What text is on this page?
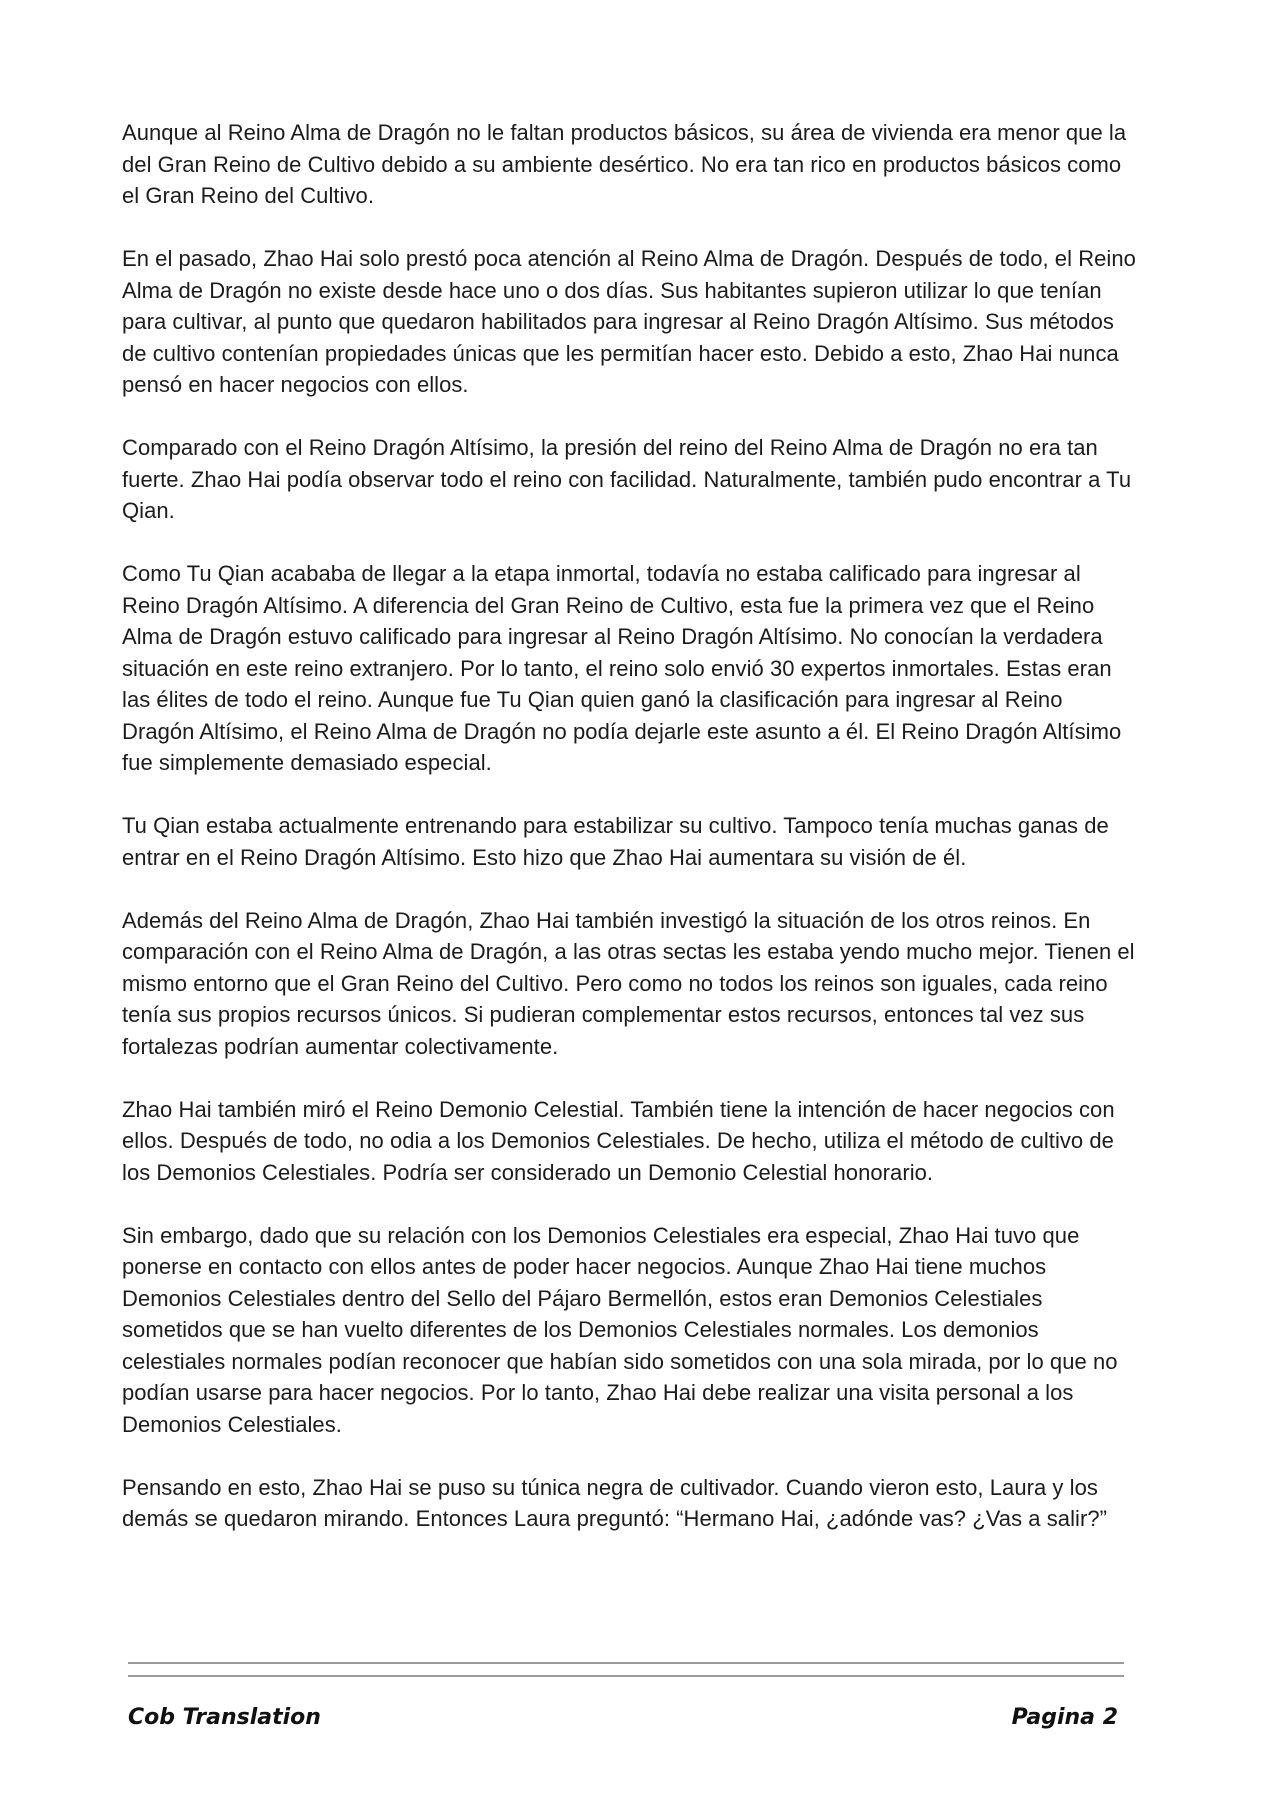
Aunque al Reino Alma de Dragón no le faltan productos básicos, su área de vivienda era menor que la del Gran Reino de Cultivo debido a su ambiente desértico. No era tan rico en productos básicos como el Gran Reino del Cultivo.

En el pasado, Zhao Hai solo prestó poca atención al Reino Alma de Dragón. Después de todo, el Reino Alma de Dragón no existe desde hace uno o dos días. Sus habitantes supieron utilizar lo que tenían para cultivar, al punto que quedaron habilitados para ingresar al Reino Dragón Altísimo. Sus métodos de cultivo contenían propiedades únicas que les permitían hacer esto. Debido a esto, Zhao Hai nunca pensó en hacer negocios con ellos.

Comparado con el Reino Dragón Altísimo, la presión del reino del Reino Alma de Dragón no era tan fuerte. Zhao Hai podía observar todo el reino con facilidad. Naturalmente, también pudo encontrar a Tu Qian.

Como Tu Qian acababa de llegar a la etapa inmortal, todavía no estaba calificado para ingresar al Reino Dragón Altísimo. A diferencia del Gran Reino de Cultivo, esta fue la primera vez que el Reino Alma de Dragón estuvo calificado para ingresar al Reino Dragón Altísimo. No conocían la verdadera situación en este reino extranjero. Por lo tanto, el reino solo envió 30 expertos inmortales. Estas eran las élites de todo el reino. Aunque fue Tu Qian quien ganó la clasificación para ingresar al Reino Dragón Altísimo, el Reino Alma de Dragón no podía dejarle este asunto a él. El Reino Dragón Altísimo fue simplemente demasiado especial.

Tu Qian estaba actualmente entrenando para estabilizar su cultivo. Tampoco tenía muchas ganas de entrar en el Reino Dragón Altísimo. Esto hizo que Zhao Hai aumentara su visión de él.

Además del Reino Alma de Dragón, Zhao Hai también investigó la situación de los otros reinos. En comparación con el Reino Alma de Dragón, a las otras sectas les estaba yendo mucho mejor. Tienen el mismo entorno que el Gran Reino del Cultivo. Pero como no todos los reinos son iguales, cada reino tenía sus propios recursos únicos. Si pudieran complementar estos recursos, entonces tal vez sus fortalezas podrían aumentar colectivamente.

Zhao Hai también miró el Reino Demonio Celestial. También tiene la intención de hacer negocios con ellos. Después de todo, no odia a los Demonios Celestiales. De hecho, utiliza el método de cultivo de los Demonios Celestiales. Podría ser considerado un Demonio Celestial honorario.

Sin embargo, dado que su relación con los Demonios Celestiales era especial, Zhao Hai tuvo que ponerse en contacto con ellos antes de poder hacer negocios. Aunque Zhao Hai tiene muchos Demonios Celestiales dentro del Sello del Pájaro Bermellón, estos eran Demonios Celestiales sometidos que se han vuelto diferentes de los Demonios Celestiales normales. Los demonios celestiales normales podían reconocer que habían sido sometidos con una sola mirada, por lo que no podían usarse para hacer negocios. Por lo tanto, Zhao Hai debe realizar una visita personal a los Demonios Celestiales.

Pensando en esto, Zhao Hai se puso su túnica negra de cultivador. Cuando vieron esto, Laura y los demás se quedaron mirando. Entonces Laura preguntó: “Hermano Hai, ¿adónde vas? ¿Vas a salir?”

Cob Translation	Pagina 2
